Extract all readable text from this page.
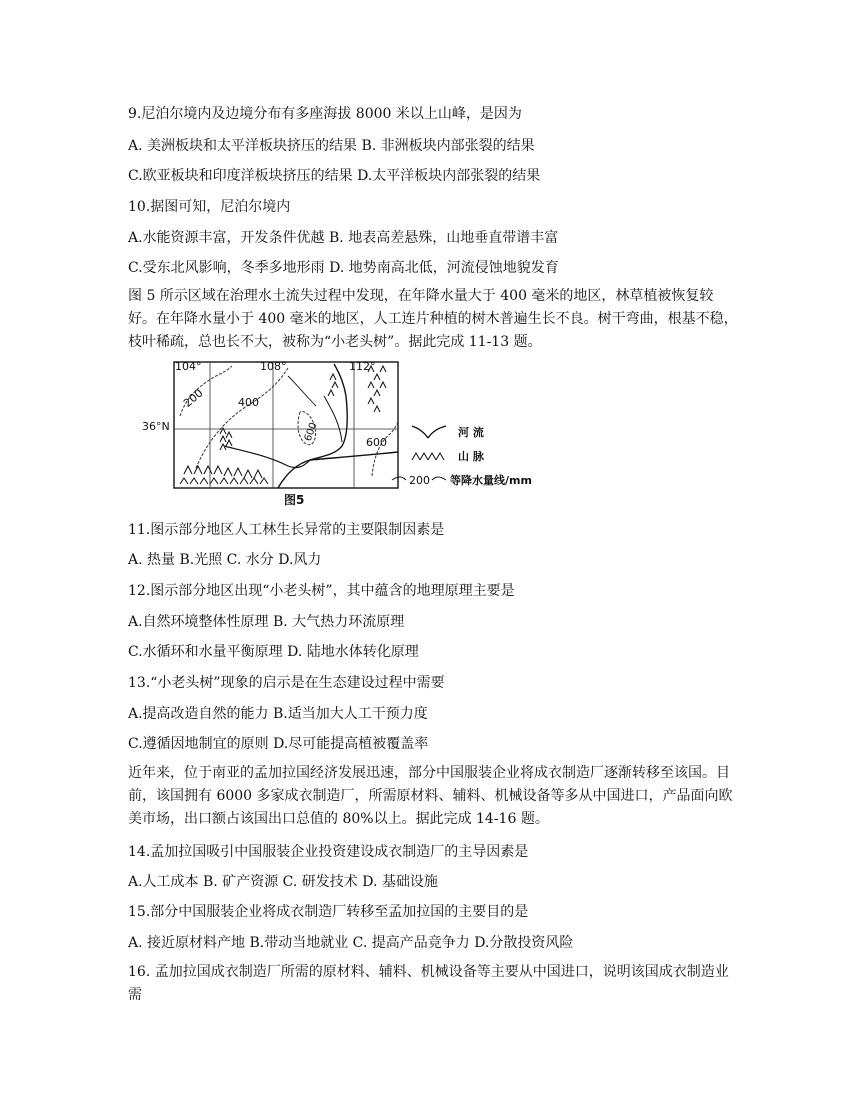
9.尼泊尔境内及边境分布有多座海拔 8000 米以上山峰，是因为
A. 美洲板块和太平洋板块挤压的结果 B. 非洲板块内部张裂的结果
C.欧亚板块和印度洋板块挤压的结果 D.太平洋板块内部张裂的结果
10.据图可知，尼泊尔境内
A.水能资源丰富，开发条件优越 B. 地表高差悬殊，山地垂直带谱丰富
C.受东北风影响，冬季多地形雨 D. 地势南高北低，河流侵蚀地貌发育
图 5 所示区域在治理水土流失过程中发现，在年降水量大于 400 毫米的地区，林草植被恢复较好。在年降水量小于 400 毫米的地区，人工连片种植的树木普遍生长不良。树干弯曲，根基不稳，枝叶稀疏，总也长不大，被称为“小老头树”。据此完成 11-13 题。
104°	108°	112°
36°N
200	400
600	600
河 流
山 脉
200 等降水量线/mm
图5
11.图示部分地区人工林生长异常的主要限制因素是
A. 热量 B.光照 C. 水分 D.风力
12.图示部分地区出现“小老头树”，其中蕴含的地理原理主要是
A.自然环境整体性原理 B. 大气热力环流原理
C.水循环和水量平衡原理 D. 陆地水体转化原理
13.“小老头树”现象的启示是在生态建设过程中需要
A.提高改造自然的能力 B.适当加大人工干预力度
C.遵循因地制宜的原则 D.尽可能提高植被覆盖率
近年来，位于南亚的孟加拉国经济发展迅速，部分中国服装企业将成衣制造厂逐渐转移至该国。目前，该国拥有 6000 多家成衣制造厂，所需原材料、辅料、机械设备等多从中国进口，产品面向欧美市场，出口额占该国出口总值的 80%以上。据此完成 14-16 题。
14.孟加拉国吸引中国服装企业投资建设成衣制造厂的主导因素是
A.人工成本 B. 矿产资源 C. 研发技术 D. 基础设施
15.部分中国服装企业将成衣制造厂转移至孟加拉国的主要目的是
A. 接近原材料产地 B.带动当地就业 C. 提高产品竞争力 D.分散投资风险
16. 孟加拉国成衣制造厂所需的原材料、辅料、机械设备等主要从中国进口，说明该国成衣制造业需
